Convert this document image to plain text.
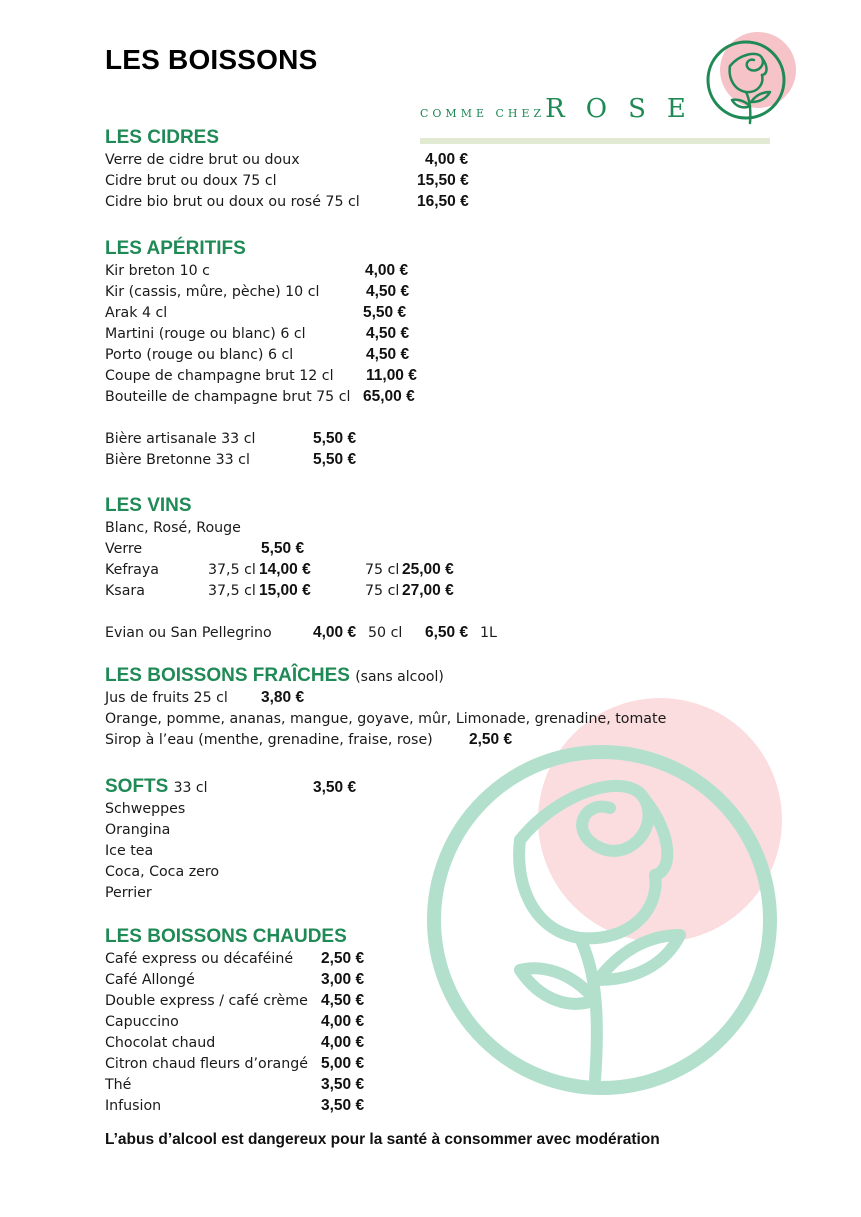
LES BOISSONS
COMME CHEZROSE
LES CIDRES
Verre de cidre brut ou doux	4,00 €
Cidre brut ou doux 75 cl	15,50 €
Cidre bio brut ou doux ou rosé 75 cl	16,50 €
LES APÉRITIFS
Kir breton 10 c	4,00 €
Kir (cassis, mûre, pèche) 10 cl	4,50 €
Arak 4 cl	5,50 €
Martini (rouge ou blanc) 6 cl	4,50 €
Porto (rouge ou blanc) 6 cl	4,50 €
Coupe de champagne brut 12 cl 11,00 €
Bouteille de champagne brut 75 cl 65,00 €
Bière artisanale 33 cl	5,50 €
Bière Bretonne 33 cl	5,50 €
LES VINS
Blanc, Rosé, Rouge
Verre	5,50 €
Kefraya	37,5 cl 14,00 €	75 cl 25,00 €
Ksara	37,5 cl 15,00 €	75 cl 27,00 €
Evian ou San Pellegrino	4,00 € 50 cl 6,50 € 1L
LES BOISSONS FRAÎCHES (sans alcool)
Jus de fruits 25 cl 3,80 €
Orange, pomme, ananas, mangue, goyave, mûr, Limonade, grenadine, tomate
Sirop à l’eau (menthe, grenadine, fraise, rose) 2,50 €
SOFTS 33 cl	3,50 €
Schweppes
Orangina
Ice tea
Coca, Coca zero
Perrier
LES BOISSONS CHAUDES
Café express ou décaféiné 2,50 €
Café Allongé	3,00 €
Double express / café crème 4,50 €
Capuccino	4,00 €
Chocolat chaud	4,00 €
Citron chaud fleurs d’orangé 5,00 €
Thé	3,50 €
Infusion	3,50 €
L’abus d’alcool est dangereux pour la santé à consommer avec modération
